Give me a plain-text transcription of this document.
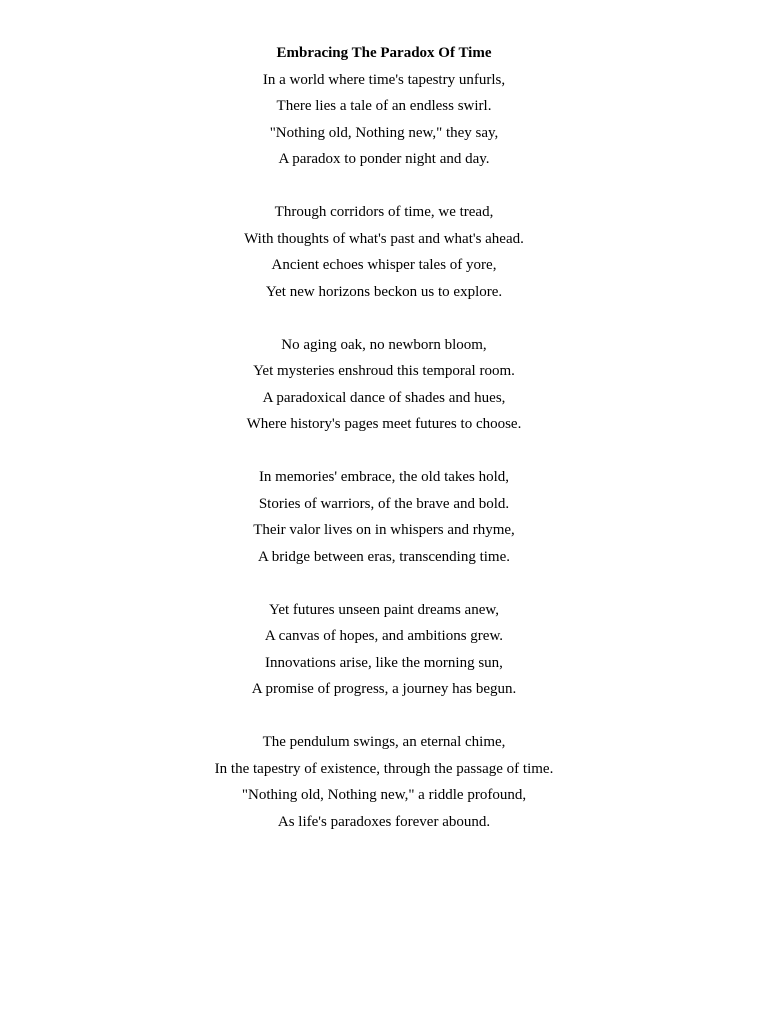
Embracing The Paradox Of Time
In a world where time's tapestry unfurls,
There lies a tale of an endless swirl.
"Nothing old, Nothing new," they say,
A paradox to ponder night and day.
Through corridors of time, we tread,
With thoughts of what's past and what's ahead.
Ancient echoes whisper tales of yore,
Yet new horizons beckon us to explore.
No aging oak, no newborn bloom,
Yet mysteries enshroud this temporal room.
A paradoxical dance of shades and hues,
Where history's pages meet futures to choose.
In memories' embrace, the old takes hold,
Stories of warriors, of the brave and bold.
Their valor lives on in whispers and rhyme,
A bridge between eras, transcending time.
Yet futures unseen paint dreams anew,
A canvas of hopes, and ambitions grew.
Innovations arise, like the morning sun,
A promise of progress, a journey has begun.
The pendulum swings, an eternal chime,
In the tapestry of existence, through the passage of time.
"Nothing old, Nothing new," a riddle profound,
As life's paradoxes forever abound.
